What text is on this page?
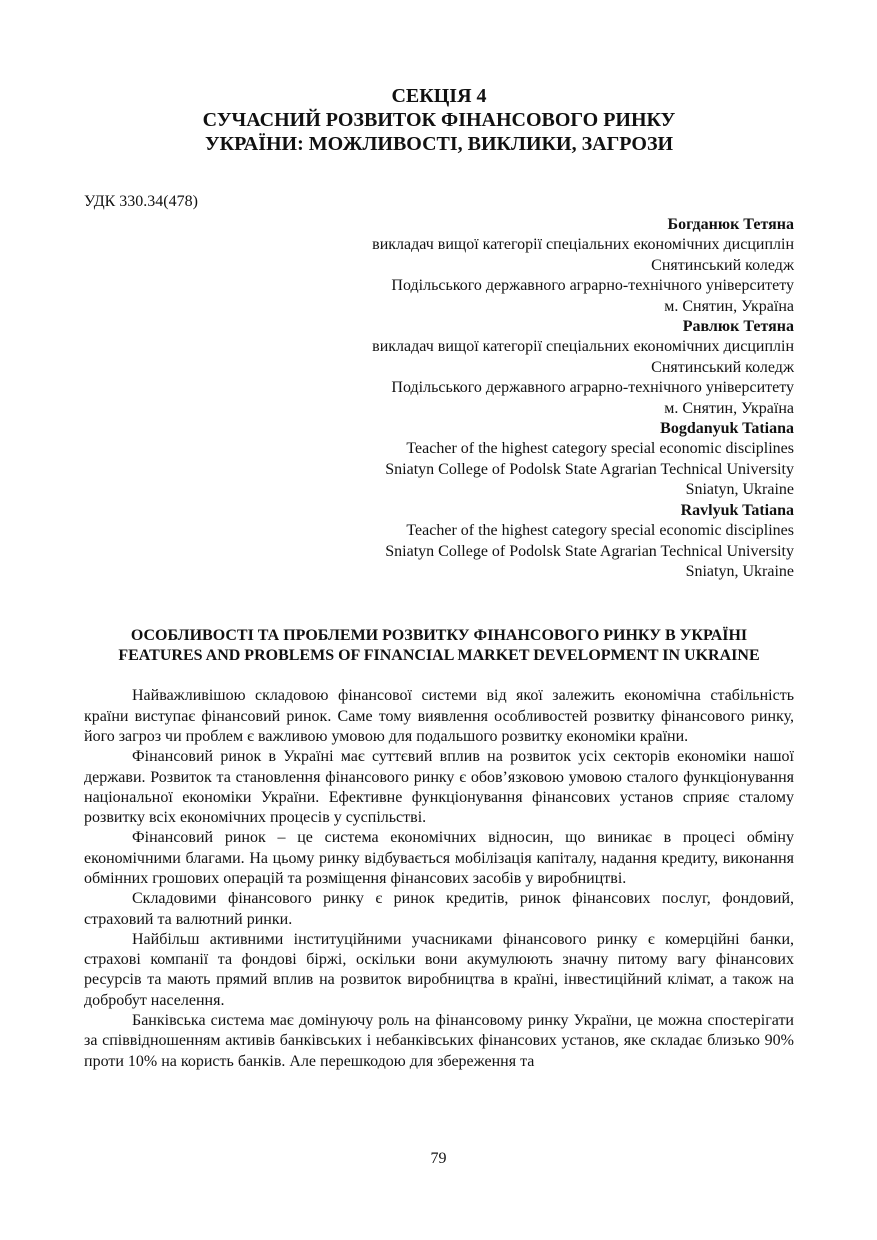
СЕКЦІЯ 4
СУЧАСНИЙ РОЗВИТОК ФІНАНСОВОГО РИНКУ
УКРАЇНИ: МОЖЛИВОСТІ, ВИКЛИКИ, ЗАГРОЗИ
УДК 330.34(478)
Богданюк Тетяна
викладач вищої категорії спеціальних економічних дисциплін
Снятинський коледж
Подільського державного аграрно-технічного університету
м. Снятин, Україна
Равлюк Тетяна
викладач вищої категорії спеціальних економічних дисциплін
Снятинський коледж
Подільського державного аграрно-технічного університету
м. Снятин, Україна
Bogdanyuk Tatiana
Teacher of the highest category special economic disciplines
Sniatyn College of Podolsk State Agrarian Technical University
Sniatyn, Ukraine
Ravlyuk Tatiana
Teacher of the highest category special economic disciplines
Sniatyn College of Podolsk State Agrarian Technical University
Sniatyn, Ukraine
ОСОБЛИВОСТІ ТА ПРОБЛЕМИ РОЗВИТКУ ФІНАНСОВОГО РИНКУ В УКРАЇНІ
FEATURES AND PROBLEMS OF FINANCIAL MARKET DEVELOPMENT IN UKRAINE

Найважливішою складовою фінансової системи від якої залежить економічна стабільність країни виступає фінансовий ринок. Саме тому виявлення особливостей розвитку фінансового ринку, його загроз чи проблем є важливою умовою для подальшого розвитку економіки країни.

Фінансовий ринок в Україні має суттєвий вплив на розвиток усіх секторів економіки нашої держави. Розвиток та становлення фінансового ринку є обов’язковою умовою сталого функціонування національної економіки України. Ефективне функціонування фінансових установ сприяє сталому розвитку всіх економічних процесів у суспільстві.

Фінансовий ринок – це система економічних відносин, що виникає в процесі обміну економічними благами. На цьому ринку відбувається мобілізація капіталу, надання кредиту, виконання обмінних грошових операцій та розміщення фінансових засобів у виробництві.

Складовими фінансового ринку є ринок кредитів, ринок фінансових послуг, фондовий, страховий та валютний ринки.

Найбільш активними інституційними учасниками фінансового ринку є комерційні банки, страхові компанії та фондові біржі, оскільки вони акумулюють значну питому вагу фінансових ресурсів та мають прямий вплив на розвиток виробництва в країні, інвестиційний клімат, а також на добробут населення.

Банківська система має домінуючу роль на фінансовому ринку України, це можна спостерігати за співвідношенням активів банківських і небанківських фінансових установ, яке складає близько 90% проти 10% на користь банків. Але перешкодою для збереження та

79
